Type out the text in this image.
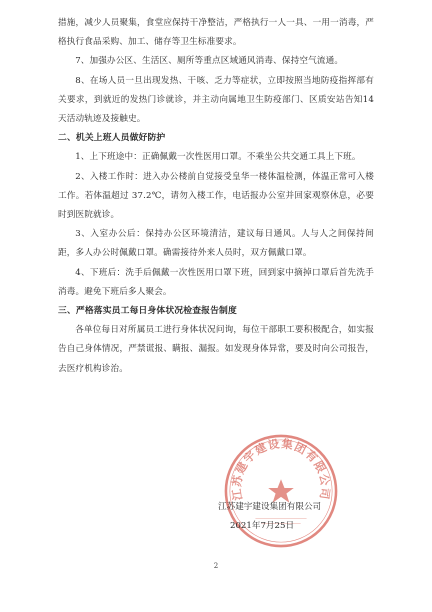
措施，减少人员聚集，食堂应保持干净整洁，严格执行一人一具、一用一消毒，严格执行食品采购、加工、储存等卫生标准要求。

7、加强办公区、生活区、厕所等重点区域通风消毒、保持空气流通。

8、在场人员一旦出现发热、干咳、乏力等症状，立即按照当地防疫指挥部有关要求，到就近的发热门诊就诊，并主动向属地卫生防疫部门、区质安站告知14天活动轨迹及接触史。

二、机关上班人员做好防护

1、上下班途中：正确佩戴一次性医用口罩。不乘坐公共交通工具上下班。

2、入楼工作时：进入办公楼前自觉接受皇华一楼体温检测，体温正常可入楼工作。若体温超过 37.2℃，请勿入楼工作，电话报办公室并回家观察休息，必要时到医院就诊。

3、入室办公后：保持办公区环境清洁，建议每日通风。人与人之间保持间距，多人办公时佩戴口罩。确需接待外来人员时，双方佩戴口罩。

4、下班后：洗手后佩戴一次性医用口罩下班，回到家中摘掉口罩后首先洗手消毒。避免下班后多人聚会。

三、严格落实员工每日身体状况检查报告制度

各单位每日对所属员工进行身体状况问询，每位干部职工要积极配合，如实报告自己身体情况，严禁谎报、瞒报、漏报。如发现身体异常，要及时向公司报告，去医疗机构诊治。

江苏建宇建设集团有限公司
江苏建宇建设集团有限公司
2021年7月25日
2
